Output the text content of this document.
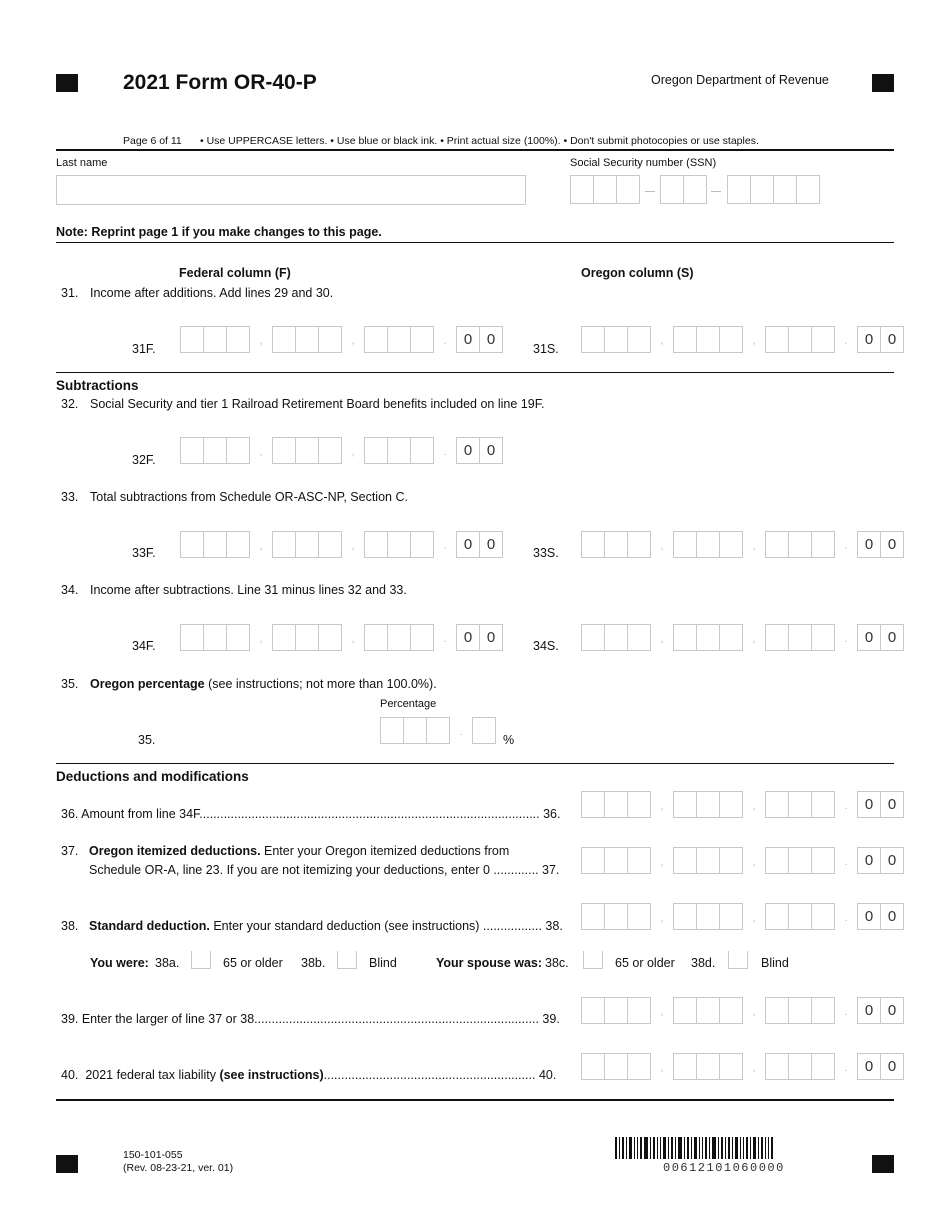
2021 Form OR-40-P	Oregon Department of Revenue
Page 6 of 11 • Use UPPERCASE letters. • Use blue or black ink. • Print actual size (100%). • Don't submit photocopies or use staples.
Last name	Social Security number (SSN)
Note: Reprint page 1 if you make changes to this page.
Federal column (F)	Oregon column (S)
31. Income after additions. Add lines 29 and 30.
31F.
,	,	.	0 0
31S.
,	,	.	0 0
Subtractions
32. Social Security and tier 1 Railroad Retirement Board benefits included on line 19F.
32F.
,	,	.	0 0
33. Total subtractions from Schedule OR-ASC-NP, Section C.
33F.	,	,	.	0 0	33S.	,	,	.	0 0
34. Income after subtractions. Line 31 minus lines 32 and 33.
34F.	,	,	.	0 0	34S.	,	,	.	0 0
35. Oregon percentage (see instructions; not more than 100.0%).
Percentage
35.
.
%
Deductions and modifications
36. Amount from line 34F.................................................................................................. 36.
,	,	.	0 0
37. Oregon itemized deductions. Enter your Oregon itemized deductions from
Schedule OR-A, line 23. If you are not itemizing your deductions, enter 0 ............. 37.
,	,	.	0 0
38. Standard deduction. Enter your standard deduction (see instructions) ................. 38.
,	,	.	0 0
You were: 38a.	65 or older 38b.	Blind	Your spouse was: 38c.	65 or older 38d.	Blind
39. Enter the larger of line 37 or 38.................................................................................. 39.	,	,	.	0 0
40.  2021 federal tax liability (see instructions)............................................................. 40.	,	,	.	0 0
150-101-055
(Rev. 08-23-21, ver. 01)	00612101060000
